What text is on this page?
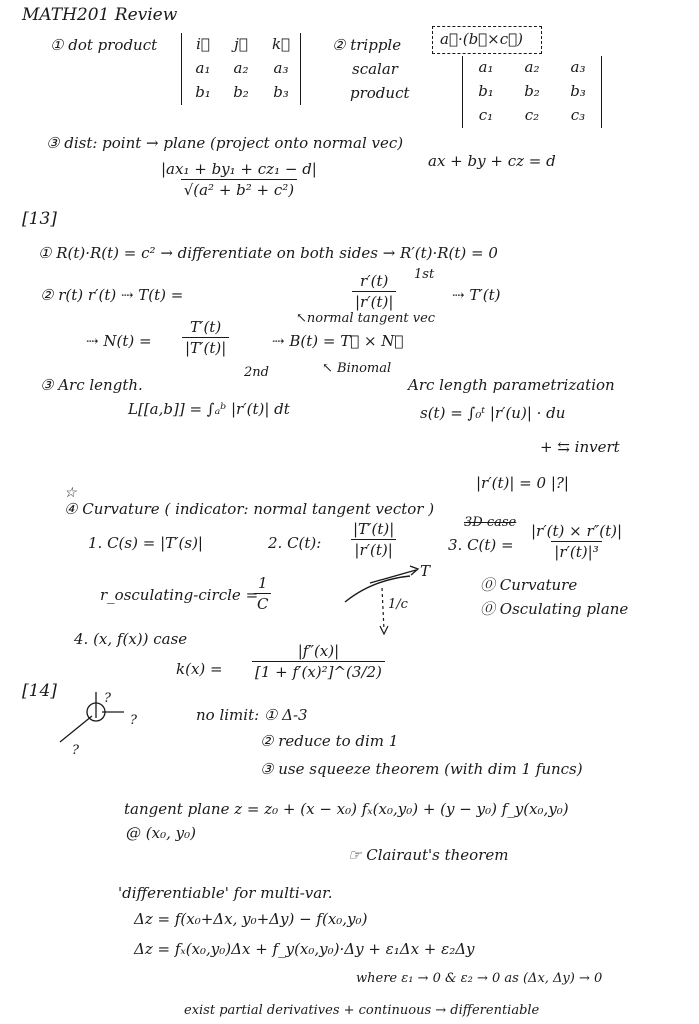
MATH201 Review
① dot product	i⃗	j⃗	k⃗
a₁	a₂	a₃
b₁	b₂	b₃
② tripple
scalar
product
a⃗·(b⃗×c⃗)
a₁	a₂	a₃
b₁	b₂	b₃
c₁	c₂	c₃
③ dist: point → plane (project onto normal vec)
$\frac{\text{|ax₁ + by₁ + cz₁ − d|}}{\text{√(a² + b² + c²)}}$	ax + by + cz = d
[13]
① R(t)·R(t) = c² → differentiate on both sides → R′(t)·R(t) = 0
② r(t) r′(t) ⇢ T(t) =	$\frac{r'(t)}{|r'(t)|} 1st$
⇢ T′(t)
↖normal tangent vec
⇢ $N(t) = \frac{T'(t)}{|T'(t)|}$
2nd
⇢ B(t) = T⃗ × N⃗
↖ Binomal
③ Arc length.
L[[a,b]] = ∫ₐᵇ |r′(t)| dt
Arc length parametrization
s(t) = ∫₀ᵗ |r′(u)| · du
+ ⇆ invert
|r′(t)| = 0 |?|
☆
④ Curvature ( indicator: normal tangent vector )
1. C(s) = |T′(s)|	2. C(t): $\frac{|T'(t)|}{|r'(t)|}$	3D case
3. $C(t) = \frac{|r'(t) \times r''(t)|}{\text{|r′(t)|³}}$
r_osculating-circle =
$\frac{1}{C}$
T
1/c
⓪ Curvature
⓪ Osculating plane
4. (x, f(x)) case
$k(x) = \frac{|f''(x)|}{\text{[1 + f′(x)²]\textasciicircum{}(3/2)}}$
[14]	?
?
?
no limit: ① Δ-3
② reduce to dim 1
③ use squeeze theorem (with dim 1 funcs)
tangent plane z = z₀ + (x − x₀) fₓ(x₀,y₀) + (y − y₀) f_y(x₀,y₀)
@ (x₀, y₀)
☞ Clairaut's theorem
'differentiable' for multi-var.
Δz = f(x₀+Δx, y₀+Δy) − f(x₀,y₀)
Δz = fₓ(x₀,y₀)Δx + f_y(x₀,y₀)·Δy + ε₁Δx + ε₂Δy
where ε₁ → 0 & ε₂ → 0 as (Δx, Δy) → 0
exist partial derivatives + continuous → differentiable
